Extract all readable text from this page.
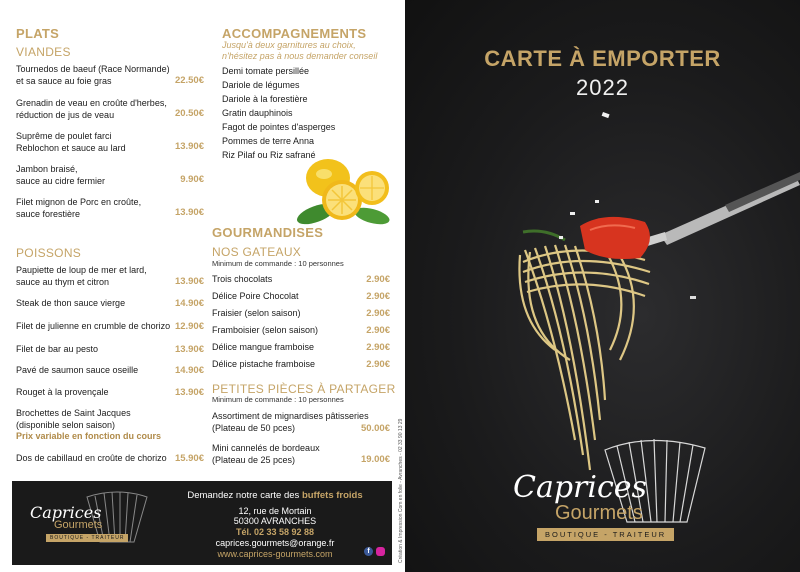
PLATS
VIANDES
Tournedos de baeuf (Race Normande)
et sa sauce au foie gras	22.50€
Grenadin de veau en croûte d'herbes,
réduction de jus de veau	20.50€
Suprême de poulet farci
Reblochon et sauce au lard	13.90€
Jambon braisé,
sauce au cidre fermier	9.90€
Filet mignon de Porc en croûte,
sauce forestière	13.90€
POISSONS
Paupiette de loup de mer et lard,
sauce au thym et citron	13.90€
Steak de thon sauce vierge	14.90€
Filet de julienne en crumble de chorizo 12.90€
Filet de bar au pesto	13.90€
Pavé de saumon sauce oseille	14.90€
Rouget à la provençale	13.90€
Brochettes de Saint Jacques
(disponible selon saison)
Prix variable en fonction du cours
Dos de cabillaud en croûte de chorizo 15.90€
ACCOMPAGNEMENTS
Jusqu'à deux garnitures au choix,
n'hésitez pas à nous demander conseil
Demi tomate persillée
Dariole de légumes
Dariole à la forestière
Gratin dauphinois
Fagot de pointes d'asperges
Pommes de terre Anna
Riz Pilaf ou Riz safrané
GOURMANDISES
NOS GATEAUX
Minimum de commande : 10 personnes
Trois chocolats	2.90€
Délice Poire Chocolat	2.90€
Fraisier (selon saison)	2.90€
Framboisier (selon saison)	2.90€
Délice mangue framboise	2.90€
Délice pistache framboise	2.90€
PETITES PIÈCES À PARTAGER
Minimum de commande : 10 personnes
Assortiment de mignardises pâtisseries
(Plateau de 50 pces)	50.00€
Mini cannelés de bordeaux
(Plateau de 25 pces)	19.00€
Caprices
Gourmets
BOUTIQUE - TRAITEUR
Demandez notre carte des buffets froids
12, rue de Mortain
50300 AVRANCHES
Tél. 02 33 58 92 88
caprices.gourmets@orange.fr
www.caprices-gourmets.com	f	Création & Impression Com en folie - Avranches - 02 33 90 13 29
CARTE À EMPORTER
2022
Caprices
Gourmets
BOUTIQUE - TRAITEUR
